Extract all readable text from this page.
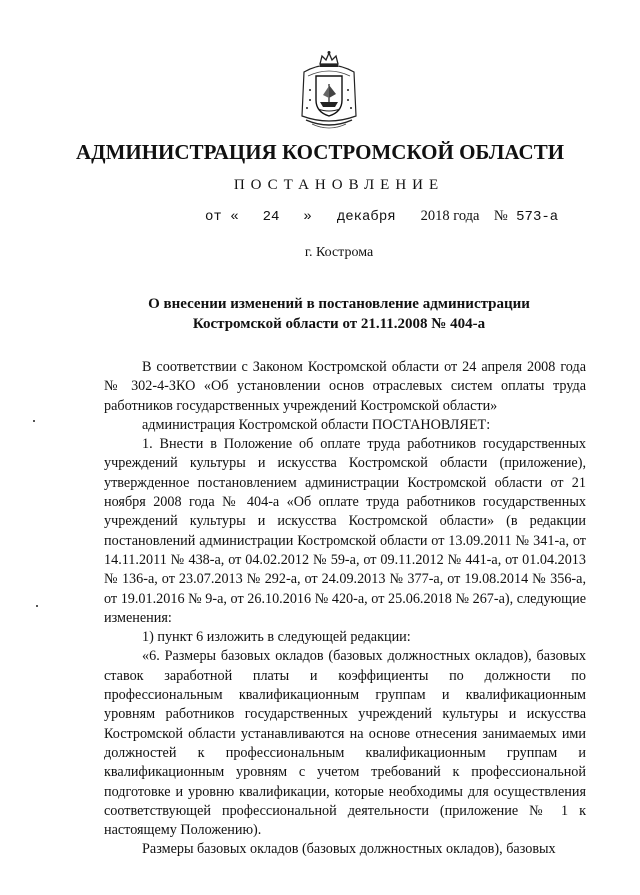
АДМИНИСТРАЦИЯ КОСТРОМСКОЙ ОБЛАСТИ
ПОСТАНОВЛЕНИЕ
от « 24 » декабря 2018 года № 573-а
г. Кострома
О внесении изменений в постановление администрации
Костромской области от 21.11.2008 № 404-а

В соответствии с Законом Костромской области от 24 апреля 2008 года № 302-4-ЗКО «Об установлении основ отраслевых систем оплаты труда работников государственных учреждений Костромской области»

администрация Костромской области ПОСТАНОВЛЯЕТ:

1. Внести в Положение об оплате труда работников государственных учреждений культуры и искусства Костромской области (приложение), утвержденное постановлением администрации Костромской области от 21 ноября 2008 года № 404-а «Об оплате труда работников государственных учреждений культуры и искусства Костромской области» (в редакции постановлений администрации Костромской области от 13.09.2011 № 341-а, от 14.11.2011 № 438-а, от 04.02.2012 № 59-а, от 09.11.2012 № 441-а, от 01.04.2013 № 136-а, от 23.07.2013 № 292-а, от 24.09.2013 № 377-а, от 19.08.2014 № 356-а, от 19.01.2016 № 9-а, от 26.10.2016 № 420-а, от 25.06.2018 № 267-а), следующие изменения:

1) пункт 6 изложить в следующей редакции:

«6. Размеры базовых окладов (базовых должностных окладов), базовых ставок заработной платы и коэффициенты по должности по профессиональным квалификационным группам и квалификационным уровням работников государственных учреждений культуры и искусства Костромской области устанавливаются на основе отнесения занимаемых ими должностей к профессиональным квалификационным группам и квалификационным уровням с учетом требований к профессиональной подготовке и уровню квалификации, которые необходимы для осуществления соответствующей профессиональной деятельности (приложение № 1 к настоящему Положению).

Размеры базовых окладов (базовых должностных окладов), базовых
